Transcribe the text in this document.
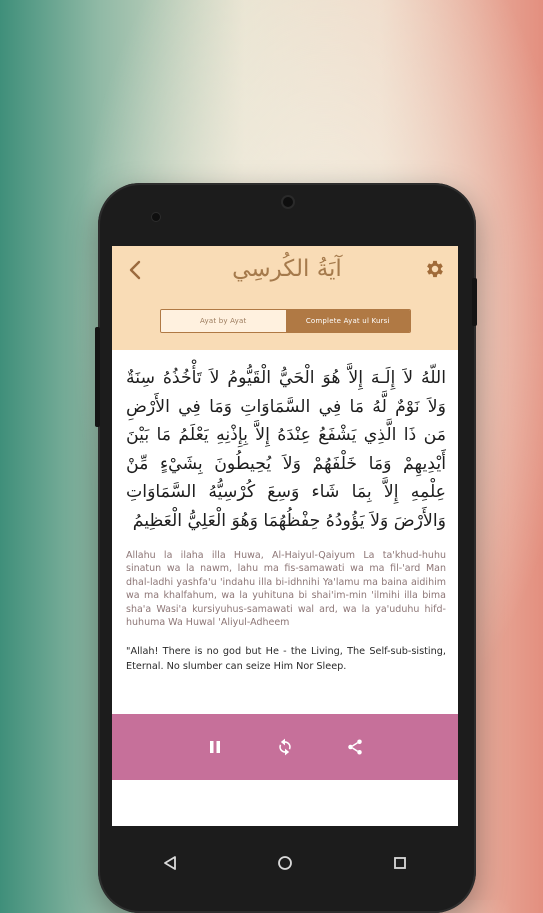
آيَةُ الكُرسِي
Ayat by Ayat	Complete Ayat ul Kursi
اللّهُ لاَ إِلَـهَ إِلاَّ هُوَ الْحَيُّ الْقَيُّومُ لاَ تَأْخُذُهُ سِنَةٌ وَلاَ نَوْمٌ لَّهُ مَا فِي السَّمَاوَاتِ وَمَا فِي الأَرْضِ مَن ذَا الَّذِي يَشْفَعُ عِنْدَهُ إِلاَّ بِإِذْنِهِ يَعْلَمُ مَا بَيْنَ أَيْدِيهِمْ وَمَا خَلْفَهُمْ وَلاَ يُحِيطُونَ بِشَيْءٍ مِّنْ عِلْمِهِ إِلاَّ بِمَا شَاء وَسِعَ كُرْسِيُّهُ السَّمَاوَاتِ وَالأَرْضَ وَلاَ يَؤُودُهُ حِفْظُهُمَا وَهُوَ الْعَلِيُّ الْعَظِيمُ
Allahu la ilaha illa Huwa, Al-Haiyul-Qaiyum La ta'khud-huhu sinatun wa la nawm, lahu ma fis-samawati wa ma fil-'ard Man dhal-ladhi yashfa'u 'indahu illa bi-idhnihi Ya'lamu ma baina aidihim wa ma khalfahum, wa la yuhituna bi shai'im-min 'ilmihi illa bima sha'a Wasi'a kursiyuhus-samawati wal ard, wa la ya'uduhu hifd-huhuma Wa Huwal 'Aliyul-Adheem
"Allah! There is no god but He - the Living, The Self-sub-sisting, Eternal. No slumber can seize Him Nor Sleep.
